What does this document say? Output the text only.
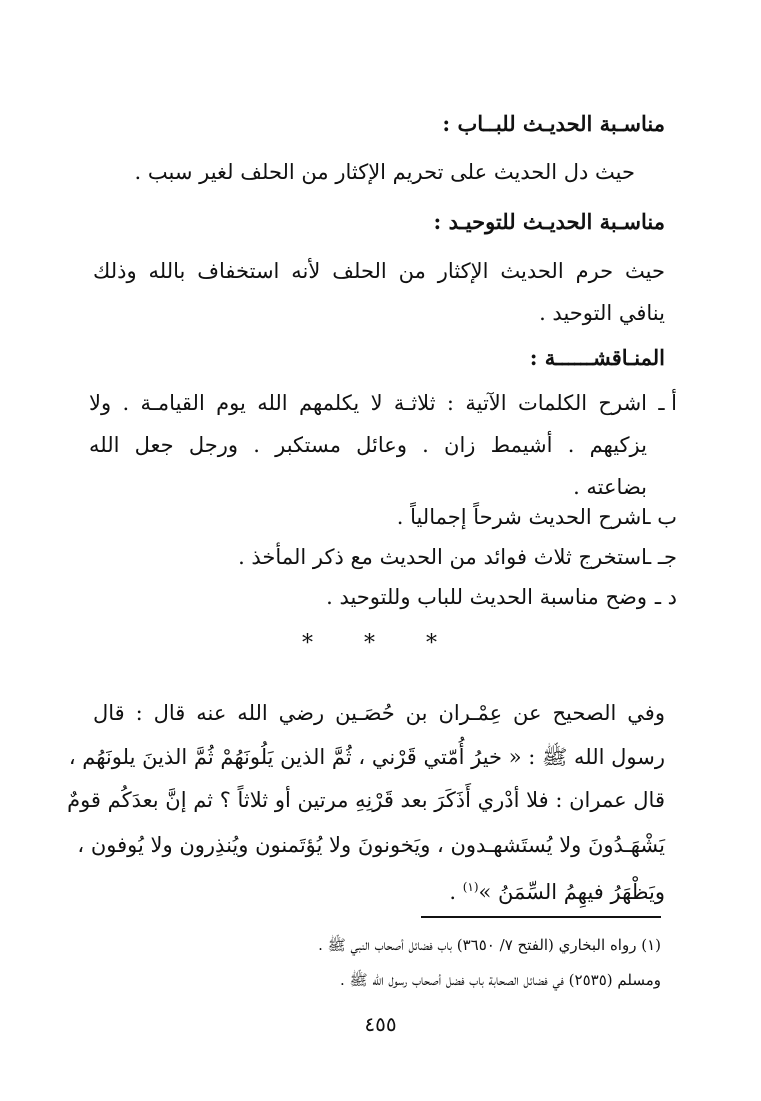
مناسـبة الحديـث للبــاب :
حيث دل الحديث على تحريم الإكثار من الحلف لغير سبب .
مناسـبة الحديـث للتوحيـد :
حيث حرم الحديث الإكثار من الحلف لأنه استخفاف بالله وذلك
ينافي التوحيد .
المنـاقشــــــة :
أ ـ
اشرح الكلمات الآتية : ثلاثـة لا يكلمهم الله يوم القيامـة . ولا
يزكيهم . أشيمط زان . وعائل مستكبر . ورجل جعل الله
بضاعته .
ب ـ
اشرح الحديث شرحاً إجمالياً .
جـ ـ
استخرج ثلاث فوائد من الحديث مع ذكر المأخذ .
د ـ
وضح مناسبة الحديث للباب وللتوحيد .
* * *
وفي الصحيح عن عِمْـران بن حُصَـين رضي الله عنه قال : قال
رسول الله ﷺ : « خيرُ أُمّتي قَرْني ، ثُمَّ الذين يَلُونَهُمْ ثُمَّ الذينَ يلونَهُم ،
قال عمران : فلا أدْري أَذَكَرَ بعد قَرْنِهِ مرتين أو ثلاثاً ؟ ثم إنَّ بعدَكُم قومٌ
يَشْهَـدُونَ ولا يُستَشهـدون ، ويَخونونَ ولا يُؤتَمنون ويُنذِرون ولا يُوفون ،
ويَظْهَرُ فيهِمُ السِّمَنُ »$^{(١)}$ .
(١) رواه البخاري (الفتح ٧/ ٣٦٥٠) باب فضائل أصحاب النبي ﷺ .
ومسلم (٢٥٣٥) في فضائل الصحابة باب فضل أصحاب رسول الله ﷺ .
٤٥٥
